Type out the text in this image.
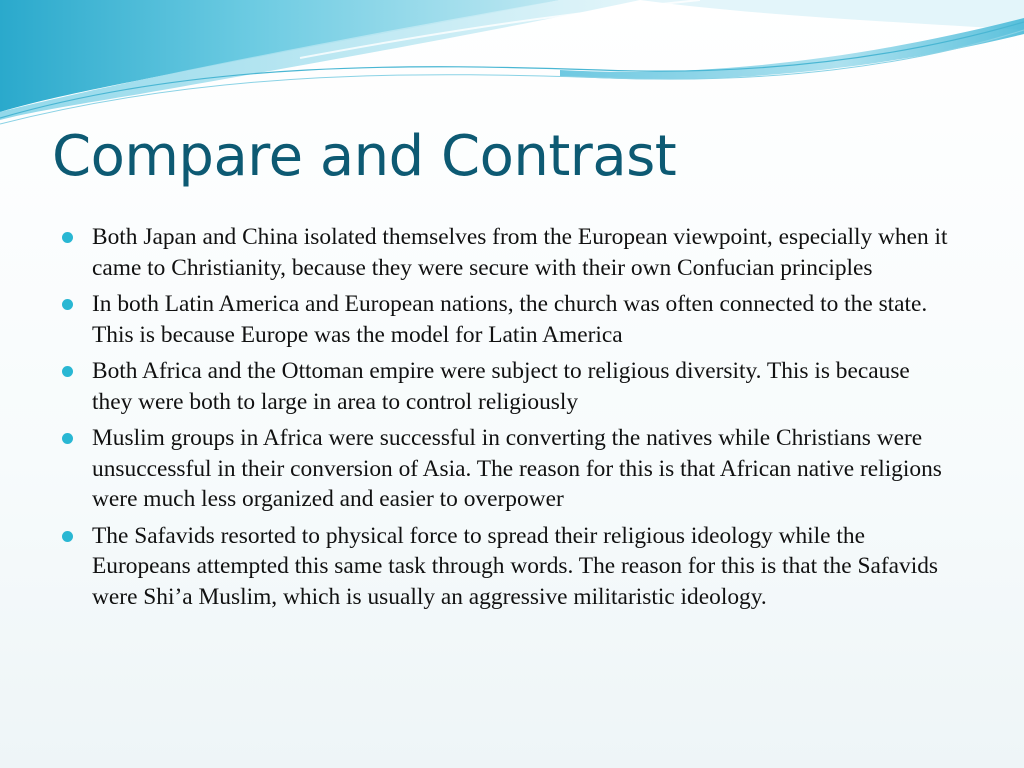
Compare and Contrast
Both Japan and China isolated themselves from the European viewpoint, especially when it came to Christianity, because they were secure with their own Confucian principles
In both Latin America and European nations, the church was often connected to the state. This is because Europe was the model for Latin America
Both Africa and the Ottoman empire were subject to religious diversity. This is because they were both to large in area to control religiously
Muslim groups in Africa were successful in converting the natives while Christians were unsuccessful in their conversion of Asia. The reason for this is that African native religions were much less organized and easier to overpower
The Safavids resorted to physical force to spread their religious ideology while the Europeans attempted this same task through words. The reason for this is that the Safavids were Shi’a Muslim, which is usually an aggressive militaristic ideology.
